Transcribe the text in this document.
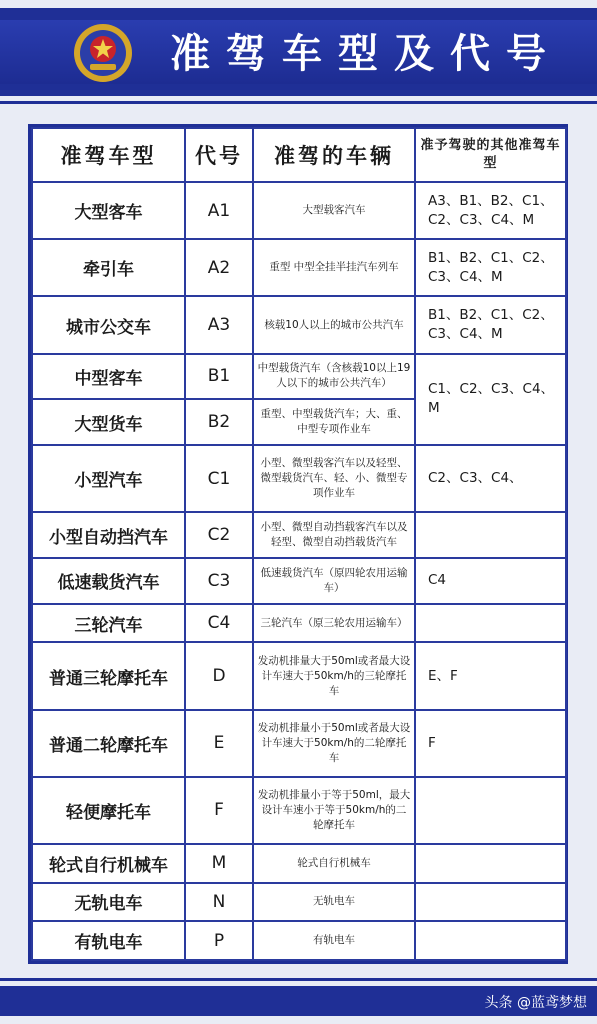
准驾车型及代号
准驾车型	代号	准驾的车辆	准予驾驶的其他准驾车型
大型客车	A1	大型载客汽车	A3、B1、B2、C1、C2、C3、C4、M
牵引车	A2	重型 中型全挂半挂汽车列车	B1、B2、C1、C2、C3、C4、M
城市公交车	A3	核载10人以上的城市公共汽车	B1、B2、C1、C2、C3、C4、M
中型客车	B1	中型载货汽车（含核载10以上19人以下的城市公共汽车）	C1、C2、C3、C4、M
大型货车	B2	重型、中型载货汽车；大、重、中型专项作业车	
小型汽车	C1	小型、微型载客汽车以及轻型、微型载货汽车、轻、小、微型专项作业车	C2、C3、C4、
小型自动挡汽车	C2	小型、微型自动挡载客汽车以及轻型、微型自动挡载货汽车	
低速载货汽车	C3	低速载货汽车（原四轮农用运输车）	C4
三轮汽车	C4	三轮汽车（原三轮农用运输车）	
普通三轮摩托车	D	发动机排量大于50ml或者最大设计车速大于50km/h的三轮摩托车	E、F
普通二轮摩托车	E	发动机排量小于50ml或者最大设计车速大于50km/h的二轮摩托车	F
轻便摩托车	F	发动机排量小于等于50ml，最大设计车速小于等于50km/h的二轮摩托车	
轮式自行机械车	M	轮式自行机械车	
无轨电车	N	无轨电车	
有轨电车	P	有轨电车	
头条 @蓝鸢梦想
